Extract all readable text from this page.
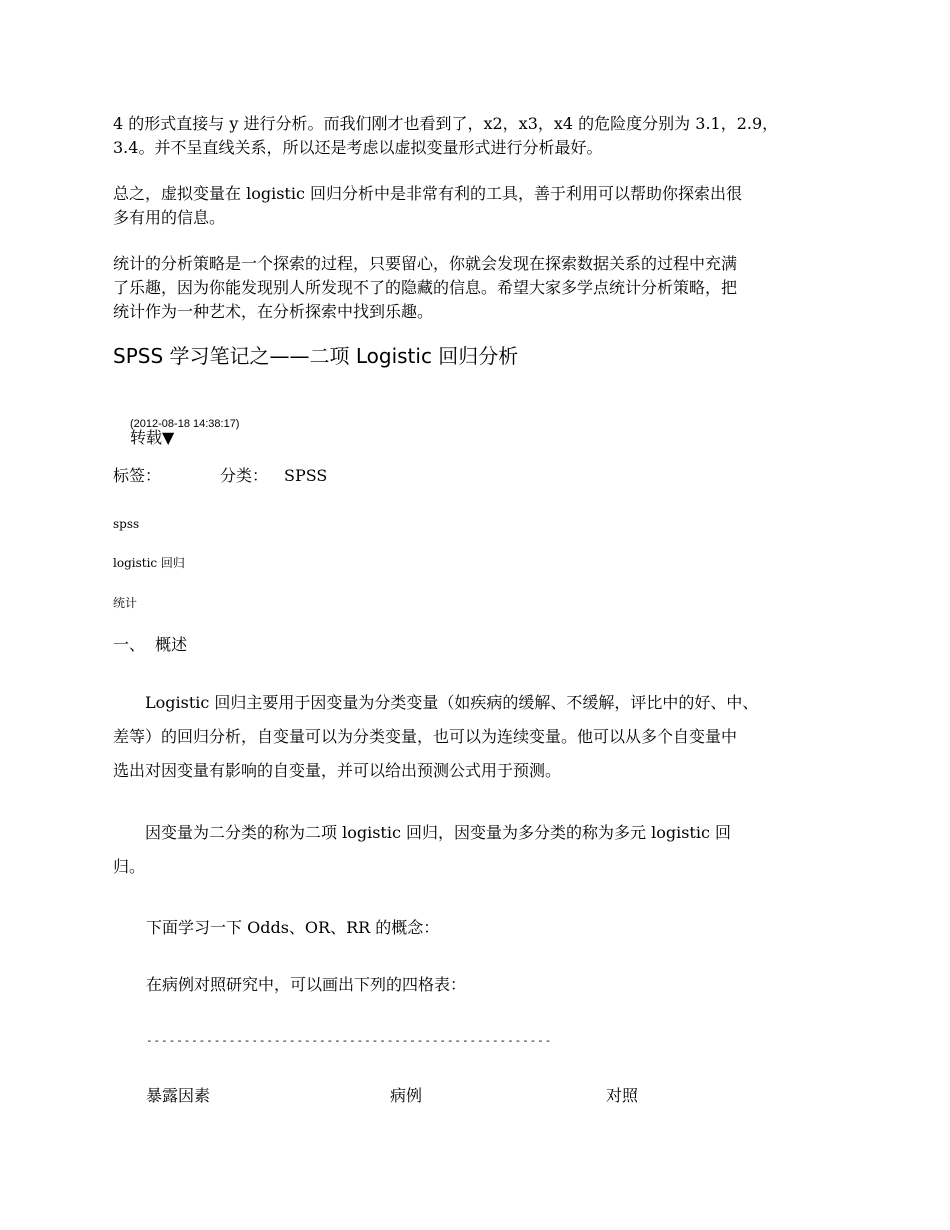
4 的形式直接与 y 进行分析。而我们刚才也看到了，x2，x3，x4 的危险度分别为 3.1，2.9，
3.4。并不呈直线关系，所以还是考虑以虚拟变量形式进行分析最好。
总之，虚拟变量在 logistic 回归分析中是非常有利的工具，善于利用可以帮助你探索出很
多有用的信息。
统计的分析策略是一个探索的过程，只要留心，你就会发现在探索数据关系的过程中充满
了乐趣，因为你能发现别人所发现不了的隐藏的信息。希望大家多学点统计分析策略，把
统计作为一种艺术，在分析探索中找到乐趣。
SPSS 学习笔记之——二项 Logistic 回归分析
(2012-08-18 14:38:17)
转载▼
标签：	分类： SPSS
spss
logistic 回归
统计
一、  概述
Logistic 回归主要用于因变量为分类变量（如疾病的缓解、不缓解，评比中的好、中、
差等）的回归分析，自变量可以为分类变量，也可以为连续变量。他可以从多个自变量中
选出对因变量有影响的自变量，并可以给出预测公式用于预测。
因变量为二分类的称为二项 logistic 回归，因变量为多分类的称为多元 logistic 回
归。
下面学习一下 Odds、OR、RR 的概念：
在病例对照研究中，可以画出下列的四格表：
------------------------------------------------------
暴露因素	病例	对照
